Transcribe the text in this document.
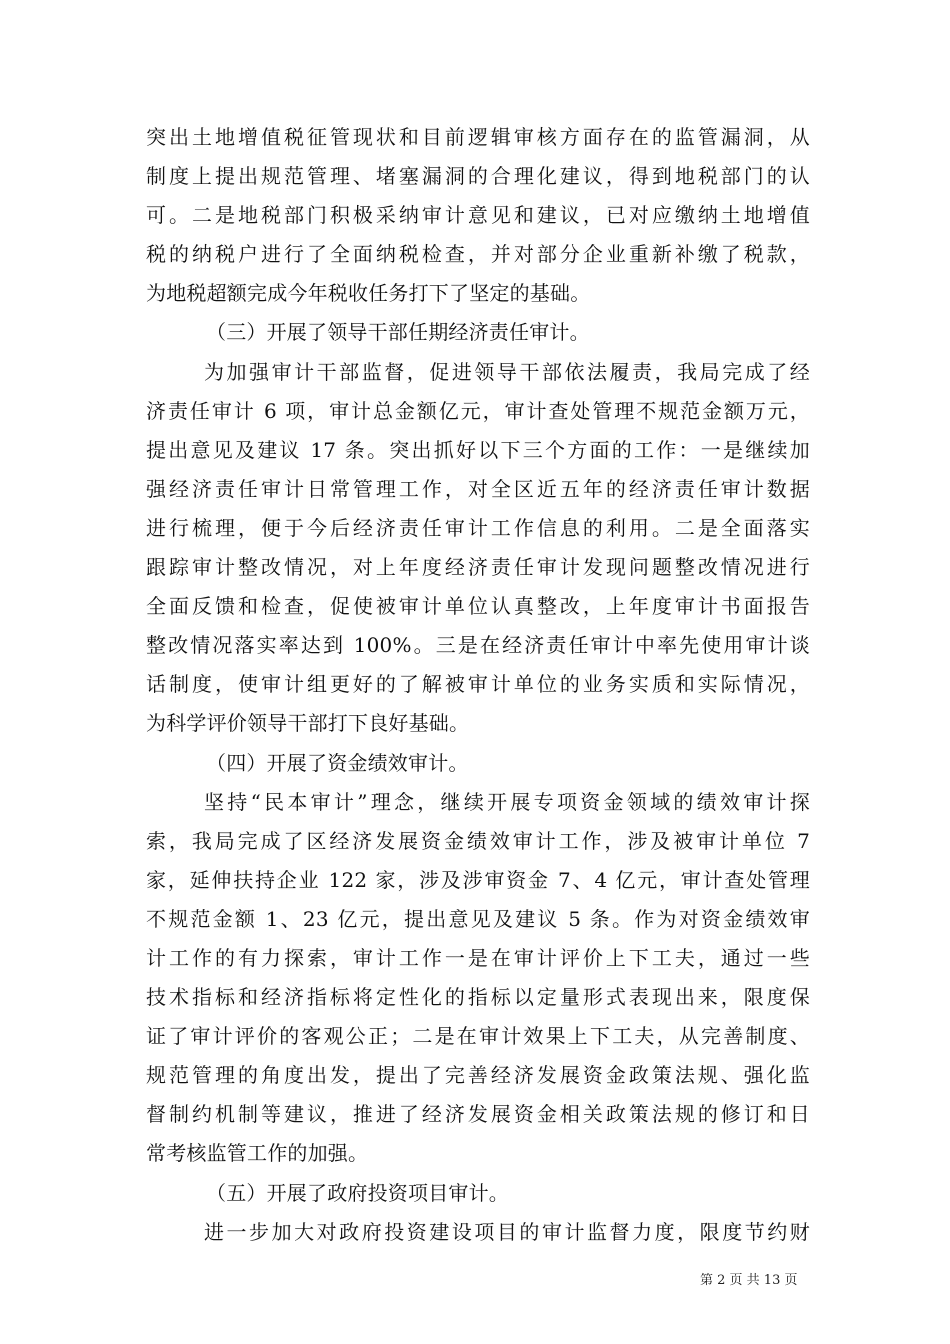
突出土地增值税征管现状和目前逻辑审核方面存在的监管漏洞，从
制度上提出规范管理、堵塞漏洞的合理化建议，得到地税部门的认
可。二是地税部门积极采纳审计意见和建议，已对应缴纳土地增值
税的纳税户进行了全面纳税检查，并对部分企业重新补缴了税款，
为地税超额完成今年税收任务打下了坚定的基础。
（三）开展了领导干部任期经济责任审计。
为加强审计干部监督，促进领导干部依法履责，我局完成了经
济责任审计 6 项，审计总金额亿元，审计查处管理不规范金额万元，
提出意见及建议 17 条。突出抓好以下三个方面的工作：一是继续加
强经济责任审计日常管理工作，对全区近五年的经济责任审计数据
进行梳理，便于今后经济责任审计工作信息的利用。二是全面落实
跟踪审计整改情况，对上年度经济责任审计发现问题整改情况进行
全面反馈和检查，促使被审计单位认真整改，上年度审计书面报告
整改情况落实率达到 100%。三是在经济责任审计中率先使用审计谈
话制度，使审计组更好的了解被审计单位的业务实质和实际情况，
为科学评价领导干部打下良好基础。
（四）开展了资金绩效审计。
坚持“民本审计”理念，继续开展专项资金领域的绩效审计探
索，我局完成了区经济发展资金绩效审计工作，涉及被审计单位 7
家，延伸扶持企业 122 家，涉及涉审资金 7、4 亿元，审计查处管理
不规范金额 1、23 亿元，提出意见及建议 5 条。作为对资金绩效审
计工作的有力探索，审计工作一是在审计评价上下工夫，通过一些
技术指标和经济指标将定性化的指标以定量形式表现出来，限度保
证了审计评价的客观公正；二是在审计效果上下工夫，从完善制度、
规范管理的角度出发，提出了完善经济发展资金政策法规、强化监
督制约机制等建议，推进了经济发展资金相关政策法规的修订和日
常考核监管工作的加强。
（五）开展了政府投资项目审计。
进一步加大对政府投资建设项目的审计监督力度，限度节约财
第 2 页 共 13 页
